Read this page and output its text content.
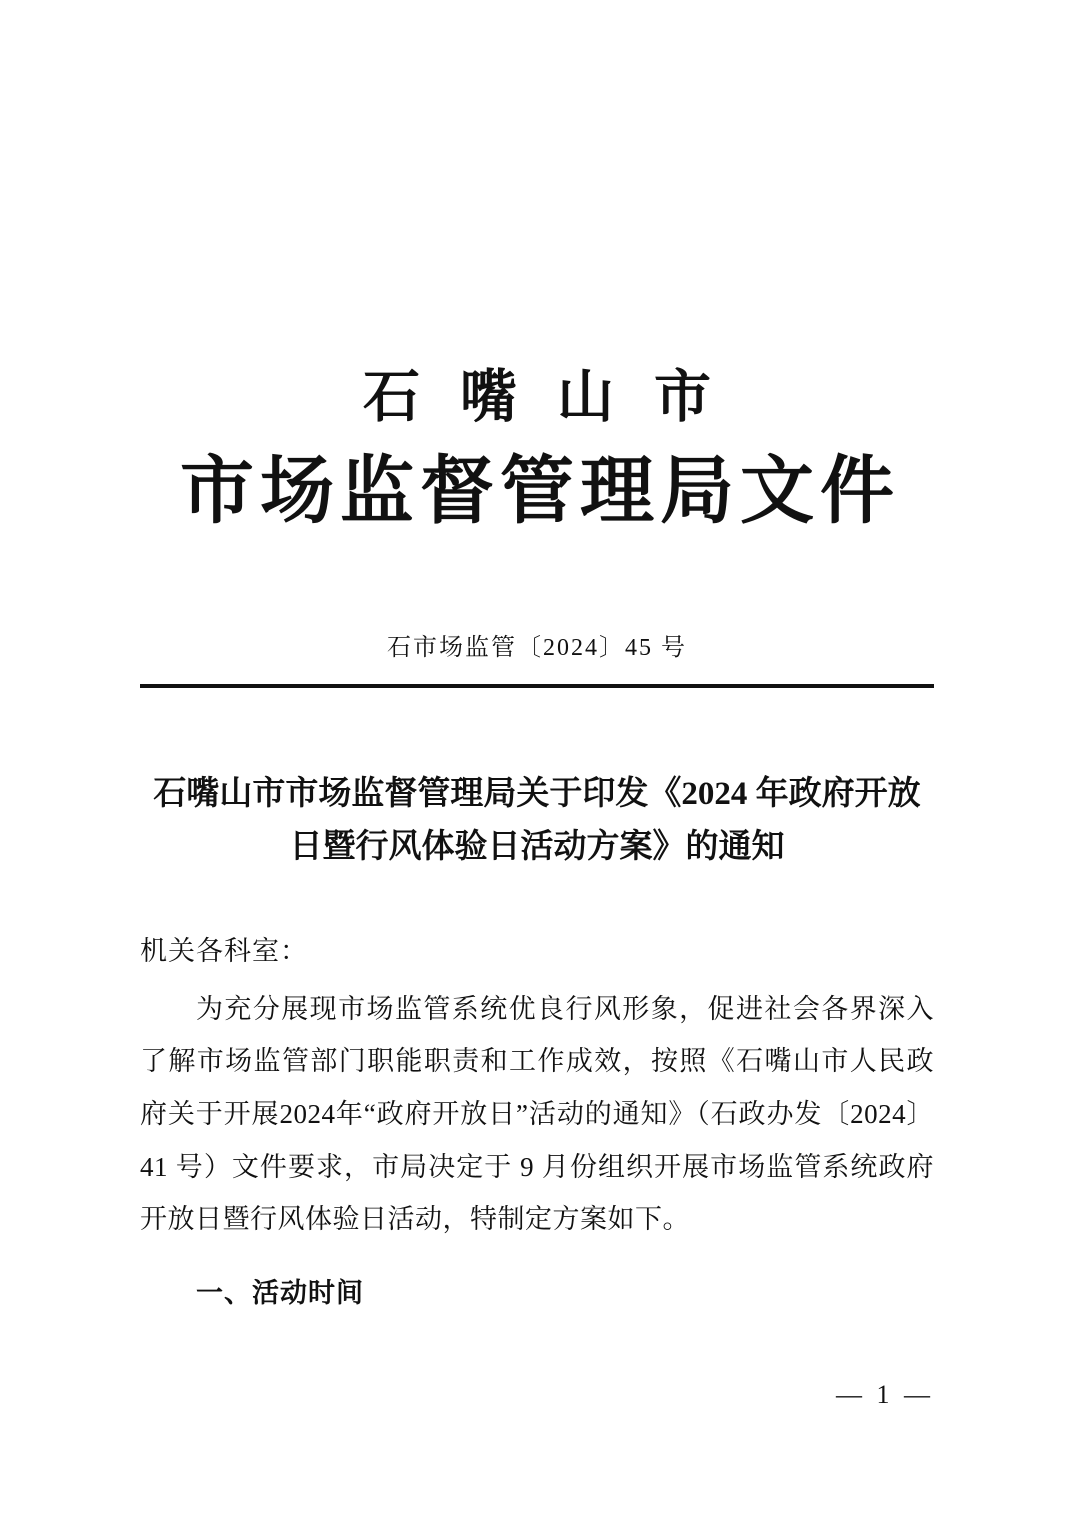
石嘴山市
市场监督管理局文件
石市场监管〔2024〕45 号
石嘴山市市场监督管理局关于印发《2024 年政府开放日暨行风体验日活动方案》的通知
机关各科室：
为充分展现市场监管系统优良行风形象，促进社会各界深入了解市场监管部门职能职责和工作成效，按照《石嘴山市人民政府关于开展2024年“政府开放日”活动的通知》（石政办发〔2024〕41 号）文件要求，市局决定于 9 月份组织开展市场监管系统政府开放日暨行风体验日活动，特制定方案如下。
一、活动时间
— 1 —
